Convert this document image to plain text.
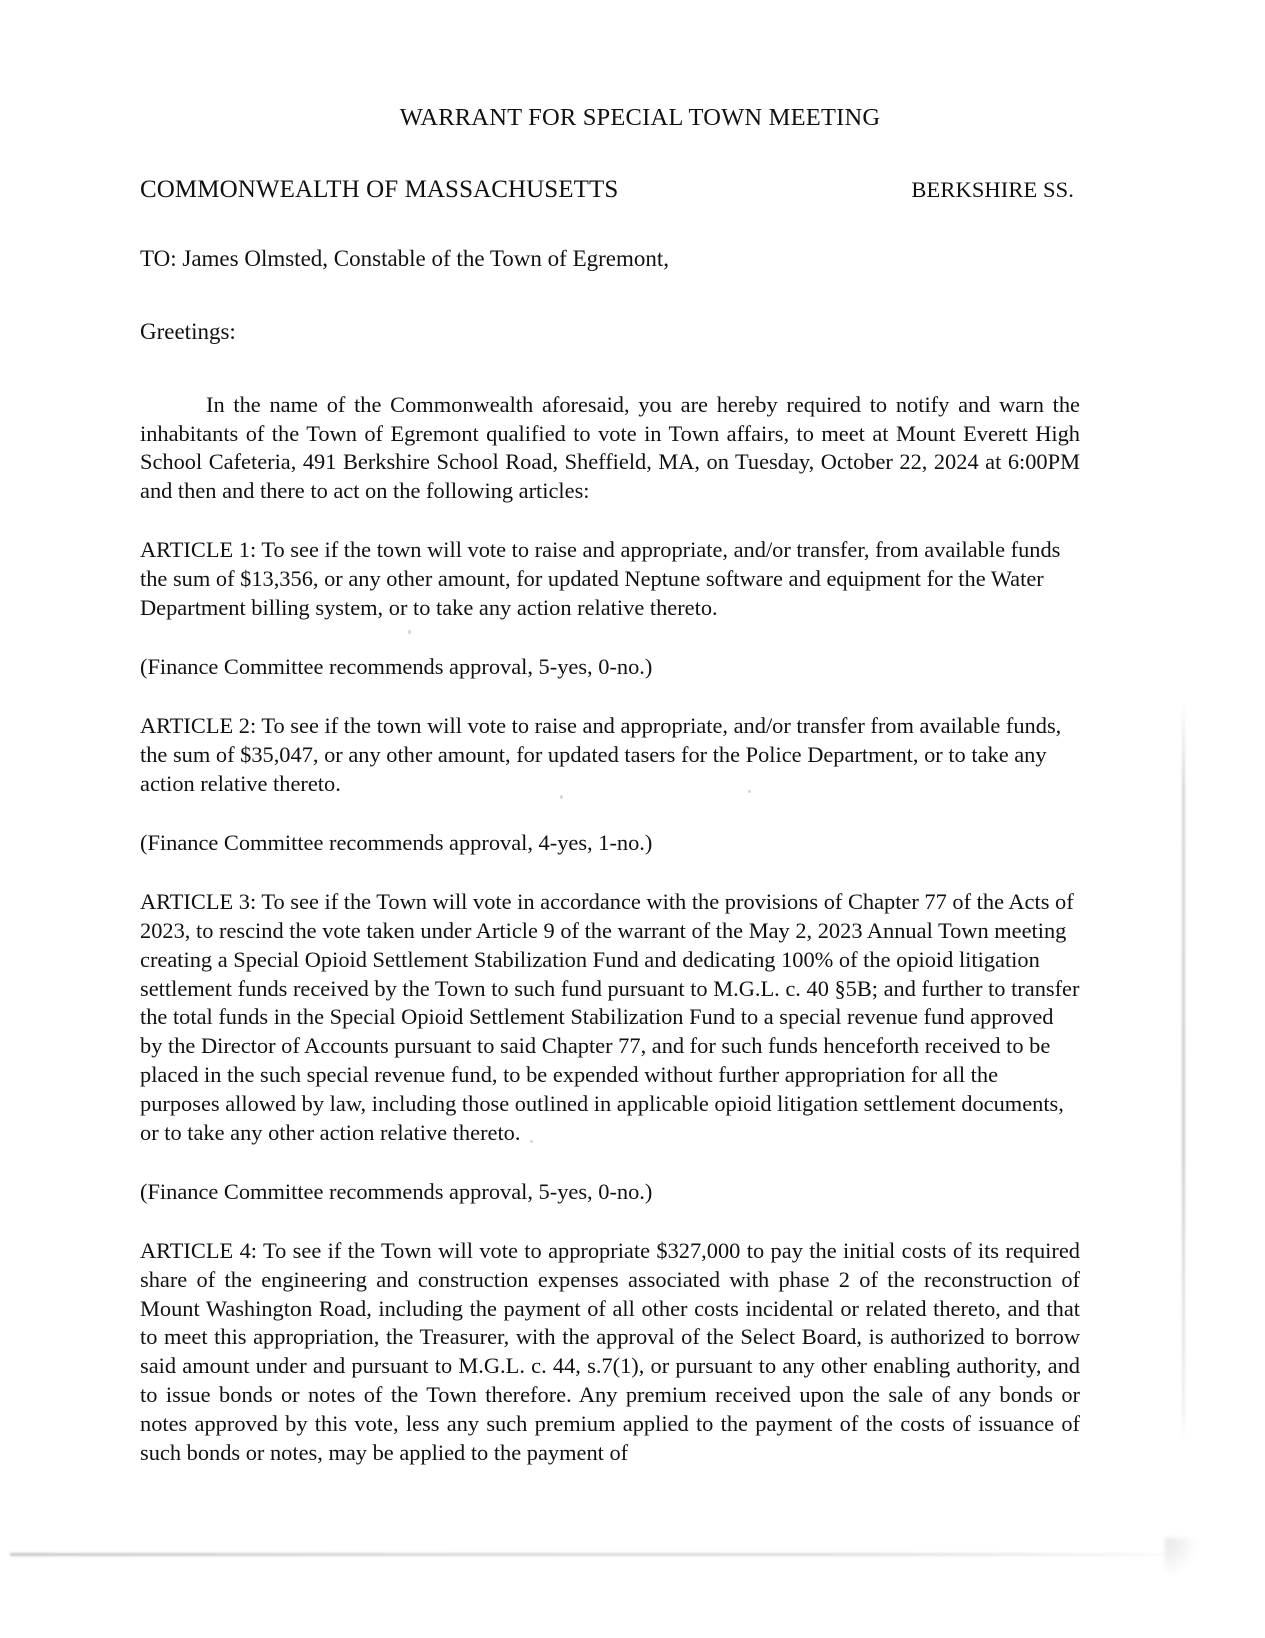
WARRANT FOR SPECIAL TOWN MEETING
COMMONWEALTH OF MASSACHUSETTS	BERKSHIRE SS.
TO: James Olmsted, Constable of the Town of Egremont,
Greetings:
In the name of the Commonwealth aforesaid, you are hereby required to notify and warn the inhabitants of the Town of Egremont qualified to vote in Town affairs, to meet at Mount Everett High School Cafeteria, 491 Berkshire School Road, Sheffield, MA, on Tuesday, October 22, 2024 at 6:00PM and then and there to act on the following articles:
ARTICLE 1: To see if the town will vote to raise and appropriate, and/or transfer, from available funds the sum of $13,356, or any other amount, for updated Neptune software and equipment for the Water Department billing system, or to take any action relative thereto.
(Finance Committee recommends approval, 5-yes, 0-no.)
ARTICLE 2: To see if the town will vote to raise and appropriate, and/or transfer from available funds, the sum of $35,047, or any other amount, for updated tasers for the Police Department, or to take any action relative thereto.
(Finance Committee recommends approval, 4-yes, 1-no.)
ARTICLE 3: To see if the Town will vote in accordance with the provisions of Chapter 77 of the Acts of 2023, to rescind the vote taken under Article 9 of the warrant of the May 2, 2023 Annual Town meeting creating a Special Opioid Settlement Stabilization Fund and dedicating 100% of the opioid litigation settlement funds received by the Town to such fund pursuant to M.G.L. c. 40 §5B; and further to transfer the total funds in the Special Opioid Settlement Stabilization Fund to a special revenue fund approved by the Director of Accounts pursuant to said Chapter 77, and for such funds henceforth received to be placed in the such special revenue fund, to be expended without further appropriation for all the purposes allowed by law, including those outlined in applicable opioid litigation settlement documents, or to take any other action relative thereto.
(Finance Committee recommends approval, 5-yes, 0-no.)
ARTICLE 4: To see if the Town will vote to appropriate $327,000 to pay the initial costs of its required share of the engineering and construction expenses associated with phase 2 of the reconstruction of Mount Washington Road, including the payment of all other costs incidental or related thereto, and that to meet this appropriation, the Treasurer, with the approval of the Select Board, is authorized to borrow said amount under and pursuant to M.G.L. c. 44, s.7(1), or pursuant to any other enabling authority, and to issue bonds or notes of the Town therefore. Any premium received upon the sale of any bonds or notes approved by this vote, less any such premium applied to the payment of the costs of issuance of such bonds or notes, may be applied to the payment of
